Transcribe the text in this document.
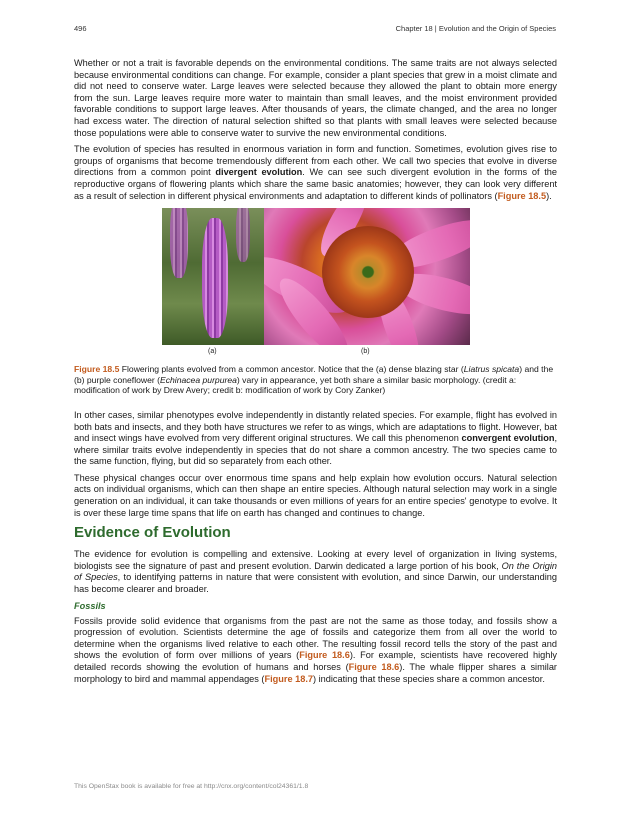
496	Chapter 18 | Evolution and the Origin of Species

Whether or not a trait is favorable depends on the environmental conditions. The same traits are not always selected because environmental conditions can change. For example, consider a plant species that grew in a moist climate and did not need to conserve water. Large leaves were selected because they allowed the plant to obtain more energy from the sun. Large leaves require more water to maintain than small leaves, and the moist environment provided favorable conditions to support large leaves. After thousands of years, the climate changed, and the area no longer had excess water. The direction of natural selection shifted so that plants with small leaves were selected because those populations were able to conserve water to survive the new environmental conditions.

The evolution of species has resulted in enormous variation in form and function. Sometimes, evolution gives rise to groups of organisms that become tremendously different from each other. We call two species that evolve in diverse directions from a common point divergent evolution. We can see such divergent evolution in the forms of the reproductive organs of flowering plants which share the same basic anatomies; however, they can look very different as a result of selection in different physical environments and adaptation to different kinds of pollinators (Figure 18.5).

(a)	(b)

Figure 18.5 Flowering plants evolved from a common ancestor. Notice that the (a) dense blazing star (Liatrus spicata) and the (b) purple coneflower (Echinacea purpurea) vary in appearance, yet both share a similar basic morphology. (credit a: modification of work by Drew Avery; credit b: modification of work by Cory Zanker)

In other cases, similar phenotypes evolve independently in distantly related species. For example, flight has evolved in both bats and insects, and they both have structures we refer to as wings, which are adaptations to flight. However, bat and insect wings have evolved from very different original structures. We call this phenomenon convergent evolution, where similar traits evolve independently in species that do not share a common ancestry. The two species came to the same function, flying, but did so separately from each other.

These physical changes occur over enormous time spans and help explain how evolution occurs. Natural selection acts on individual organisms, which can then shape an entire species. Although natural selection may work in a single generation on an individual, it can take thousands or even millions of years for an entire species' genotype to evolve. It is over these large time spans that life on earth has changed and continues to change.

Evidence of Evolution

The evidence for evolution is compelling and extensive. Looking at every level of organization in living systems, biologists see the signature of past and present evolution. Darwin dedicated a large portion of his book, On the Origin of Species, to identifying patterns in nature that were consistent with evolution, and since Darwin, our understanding has become clearer and broader.

Fossils

Fossils provide solid evidence that organisms from the past are not the same as those today, and fossils show a progression of evolution. Scientists determine the age of fossils and categorize them from all over the world to determine when the organisms lived relative to each other. The resulting fossil record tells the story of the past and shows the evolution of form over millions of years (Figure 18.6). For example, scientists have recovered highly detailed records showing the evolution of humans and horses (Figure 18.6). The whale flipper shares a similar morphology to bird and mammal appendages (Figure 18.7) indicating that these species share a common ancestor.

This OpenStax book is available for free at http://cnx.org/content/col24361/1.8
